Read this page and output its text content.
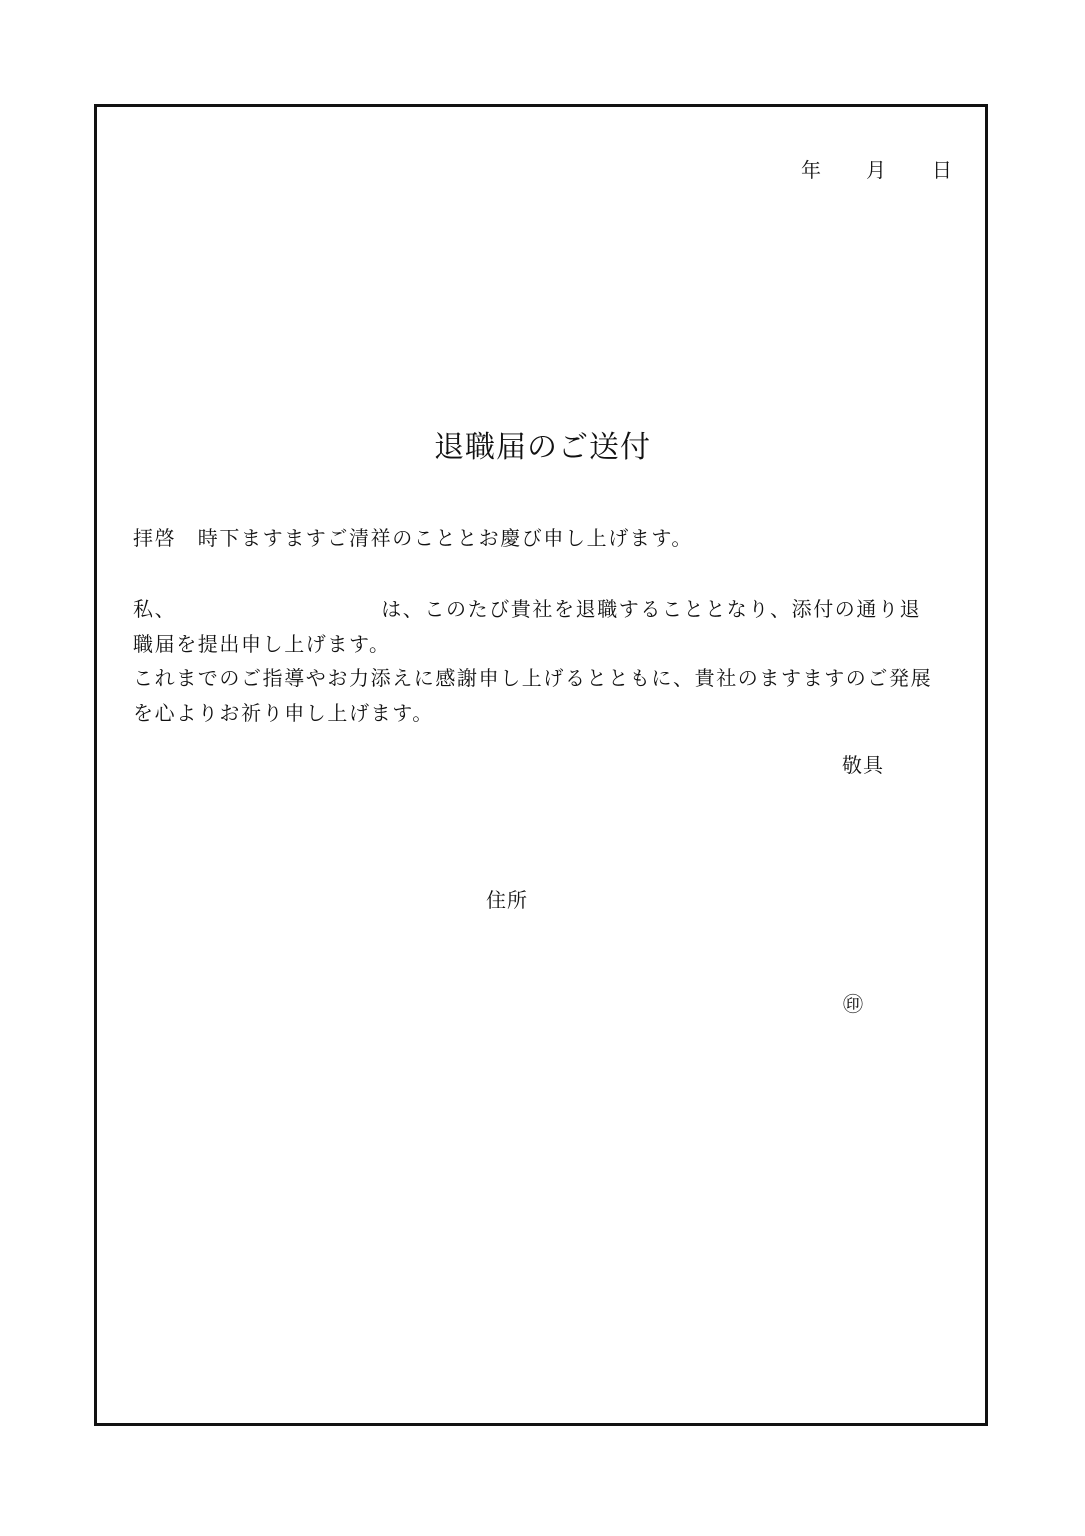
年 月 日
退職届のご送付
拝啓　時下ますますご清祥のこととお慶び申し上げます。
私、	は、このたび貴社を退職することとなり、添付の通り退
職届を提出申し上げます。
これまでのご指導やお力添えに感謝申し上げるとともに、貴社のますますのご発展
を心よりお祈り申し上げます。
敬具
住所
㊞
